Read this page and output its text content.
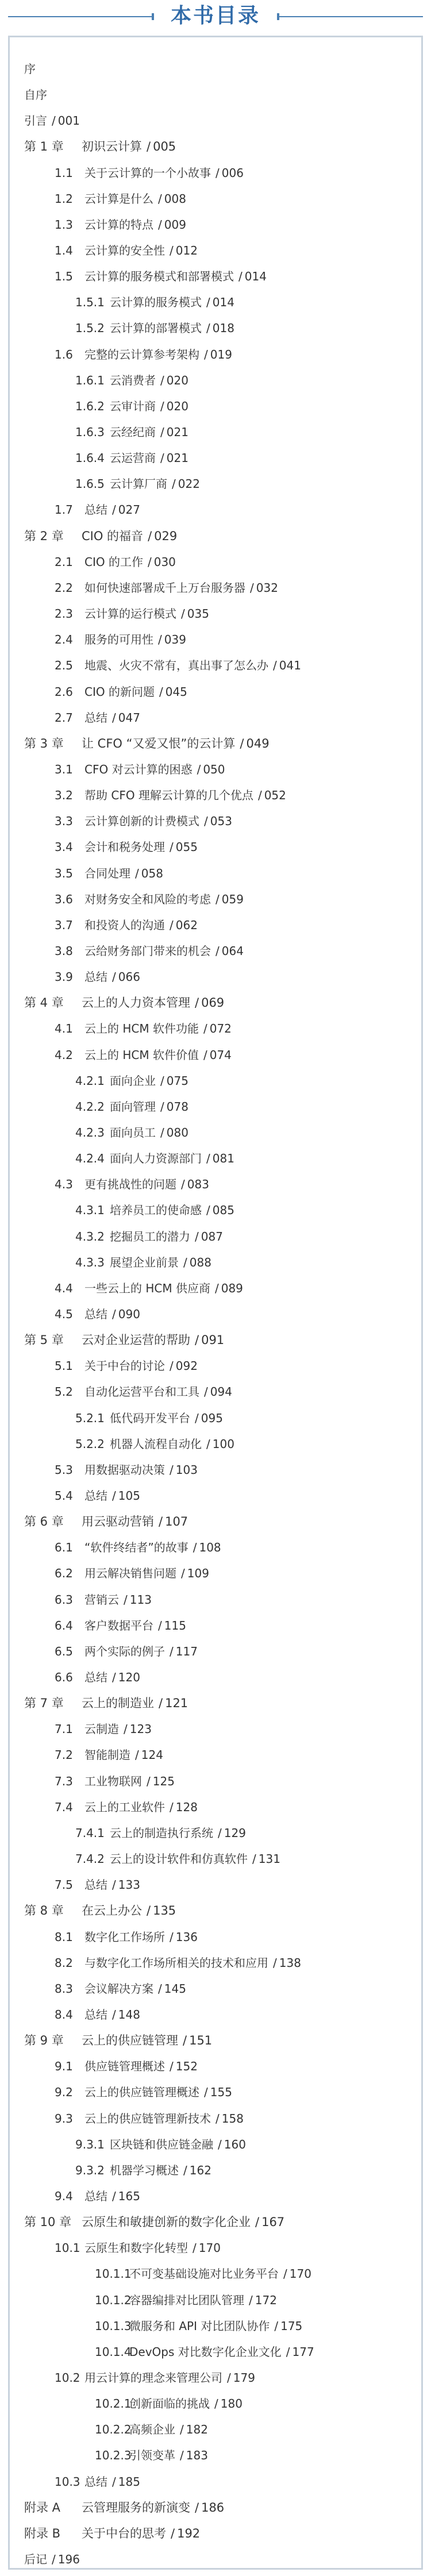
本书目录
序
自序
引言 / 001
第 1 章 初识云计算 / 005
1.1 关于云计算的一个小故事 / 006
1.2 云计算是什么 / 008
1.3 云计算的特点 / 009
1.4 云计算的安全性 / 012
1.5 云计算的服务模式和部署模式 / 014
1.5.1 云计算的服务模式 / 014
1.5.2 云计算的部署模式 / 018
1.6 完整的云计算参考架构 / 019
1.6.1 云消费者 / 020
1.6.2 云审计商 / 020
1.6.3 云经纪商 / 021
1.6.4 云运营商 / 021
1.6.5 云计算厂商 / 022
1.7 总结 / 027
第 2 章 CIO 的福音 / 029
2.1 CIO 的工作 / 030
2.2 如何快速部署成千上万台服务器 / 032
2.3 云计算的运行模式 / 035
2.4 服务的可用性 / 039
2.5 地震、火灾不常有，真出事了怎么办 / 041
2.6 CIO 的新问题 / 045
2.7 总结 / 047
第 3 章 让 CFO “又爱又恨”的云计算 / 049
3.1 CFO 对云计算的困惑 / 050
3.2 帮助 CFO 理解云计算的几个优点 / 052
3.3 云计算创新的计费模式 / 053
3.4 会计和税务处理 / 055
3.5 合同处理 / 058
3.6 对财务安全和风险的考虑 / 059
3.7 和投资人的沟通 / 062
3.8 云给财务部门带来的机会 / 064
3.9 总结 / 066
第 4 章 云上的人力资本管理 / 069
4.1 云上的 HCM 软件功能 / 072
4.2 云上的 HCM 软件价值 / 074
4.2.1 面向企业 / 075
4.2.2 面向管理 / 078
4.2.3 面向员工 / 080
4.2.4 面向人力资源部门 / 081
4.3 更有挑战性的问题 / 083
4.3.1 培养员工的使命感 / 085
4.3.2 挖掘员工的潜力 / 087
4.3.3 展望企业前景 / 088
4.4 一些云上的 HCM 供应商 / 089
4.5 总结 / 090
第 5 章 云对企业运营的帮助 / 091
5.1 关于中台的讨论 / 092
5.2 自动化运营平台和工具 / 094
5.2.1 低代码开发平台 / 095
5.2.2 机器人流程自动化 / 100
5.3 用数据驱动决策 / 103
5.4 总结 / 105
第 6 章 用云驱动营销 / 107
6.1 “软件终结者”的故事 / 108
6.2 用云解决销售问题 / 109
6.3 营销云 / 113
6.4 客户数据平台 / 115
6.5 两个实际的例子 / 117
6.6 总结 / 120
第 7 章 云上的制造业 / 121
7.1 云制造 / 123
7.2 智能制造 / 124
7.3 工业物联网 / 125
7.4 云上的工业软件 / 128
7.4.1 云上的制造执行系统 / 129
7.4.2 云上的设计软件和仿真软件 / 131
7.5 总结 / 133
第 8 章 在云上办公 / 135
8.1 数字化工作场所 / 136
8.2 与数字化工作场所相关的技术和应用 / 138
8.3 会议解决方案 / 145
8.4 总结 / 148
第 9 章 云上的供应链管理 / 151
9.1 供应链管理概述 / 152
9.2 云上的供应链管理概述 / 155
9.3 云上的供应链管理新技术 / 158
9.3.1 区块链和供应链金融 / 160
9.3.2 机器学习概述 / 162
9.4 总结 / 165
第 10 章 云原生和敏捷创新的数字化企业 / 167
10.1 云原生和数字化转型 / 170
10.1.1不可变基础设施对比业务平台 / 170
10.1.2容器编排对比团队管理 / 172
10.1.3微服务和 API 对比团队协作 / 175
10.1.4DevOps 对比数字化企业文化 / 177
10.2 用云计算的理念来管理公司 / 179
10.2.1创新面临的挑战 / 180
10.2.2高频企业 / 182
10.2.3引领变革 / 183
10.3 总结 / 185
附录 A 云管理服务的新演变 / 186
附录 B 关于中台的思考 / 192
后记 / 196
